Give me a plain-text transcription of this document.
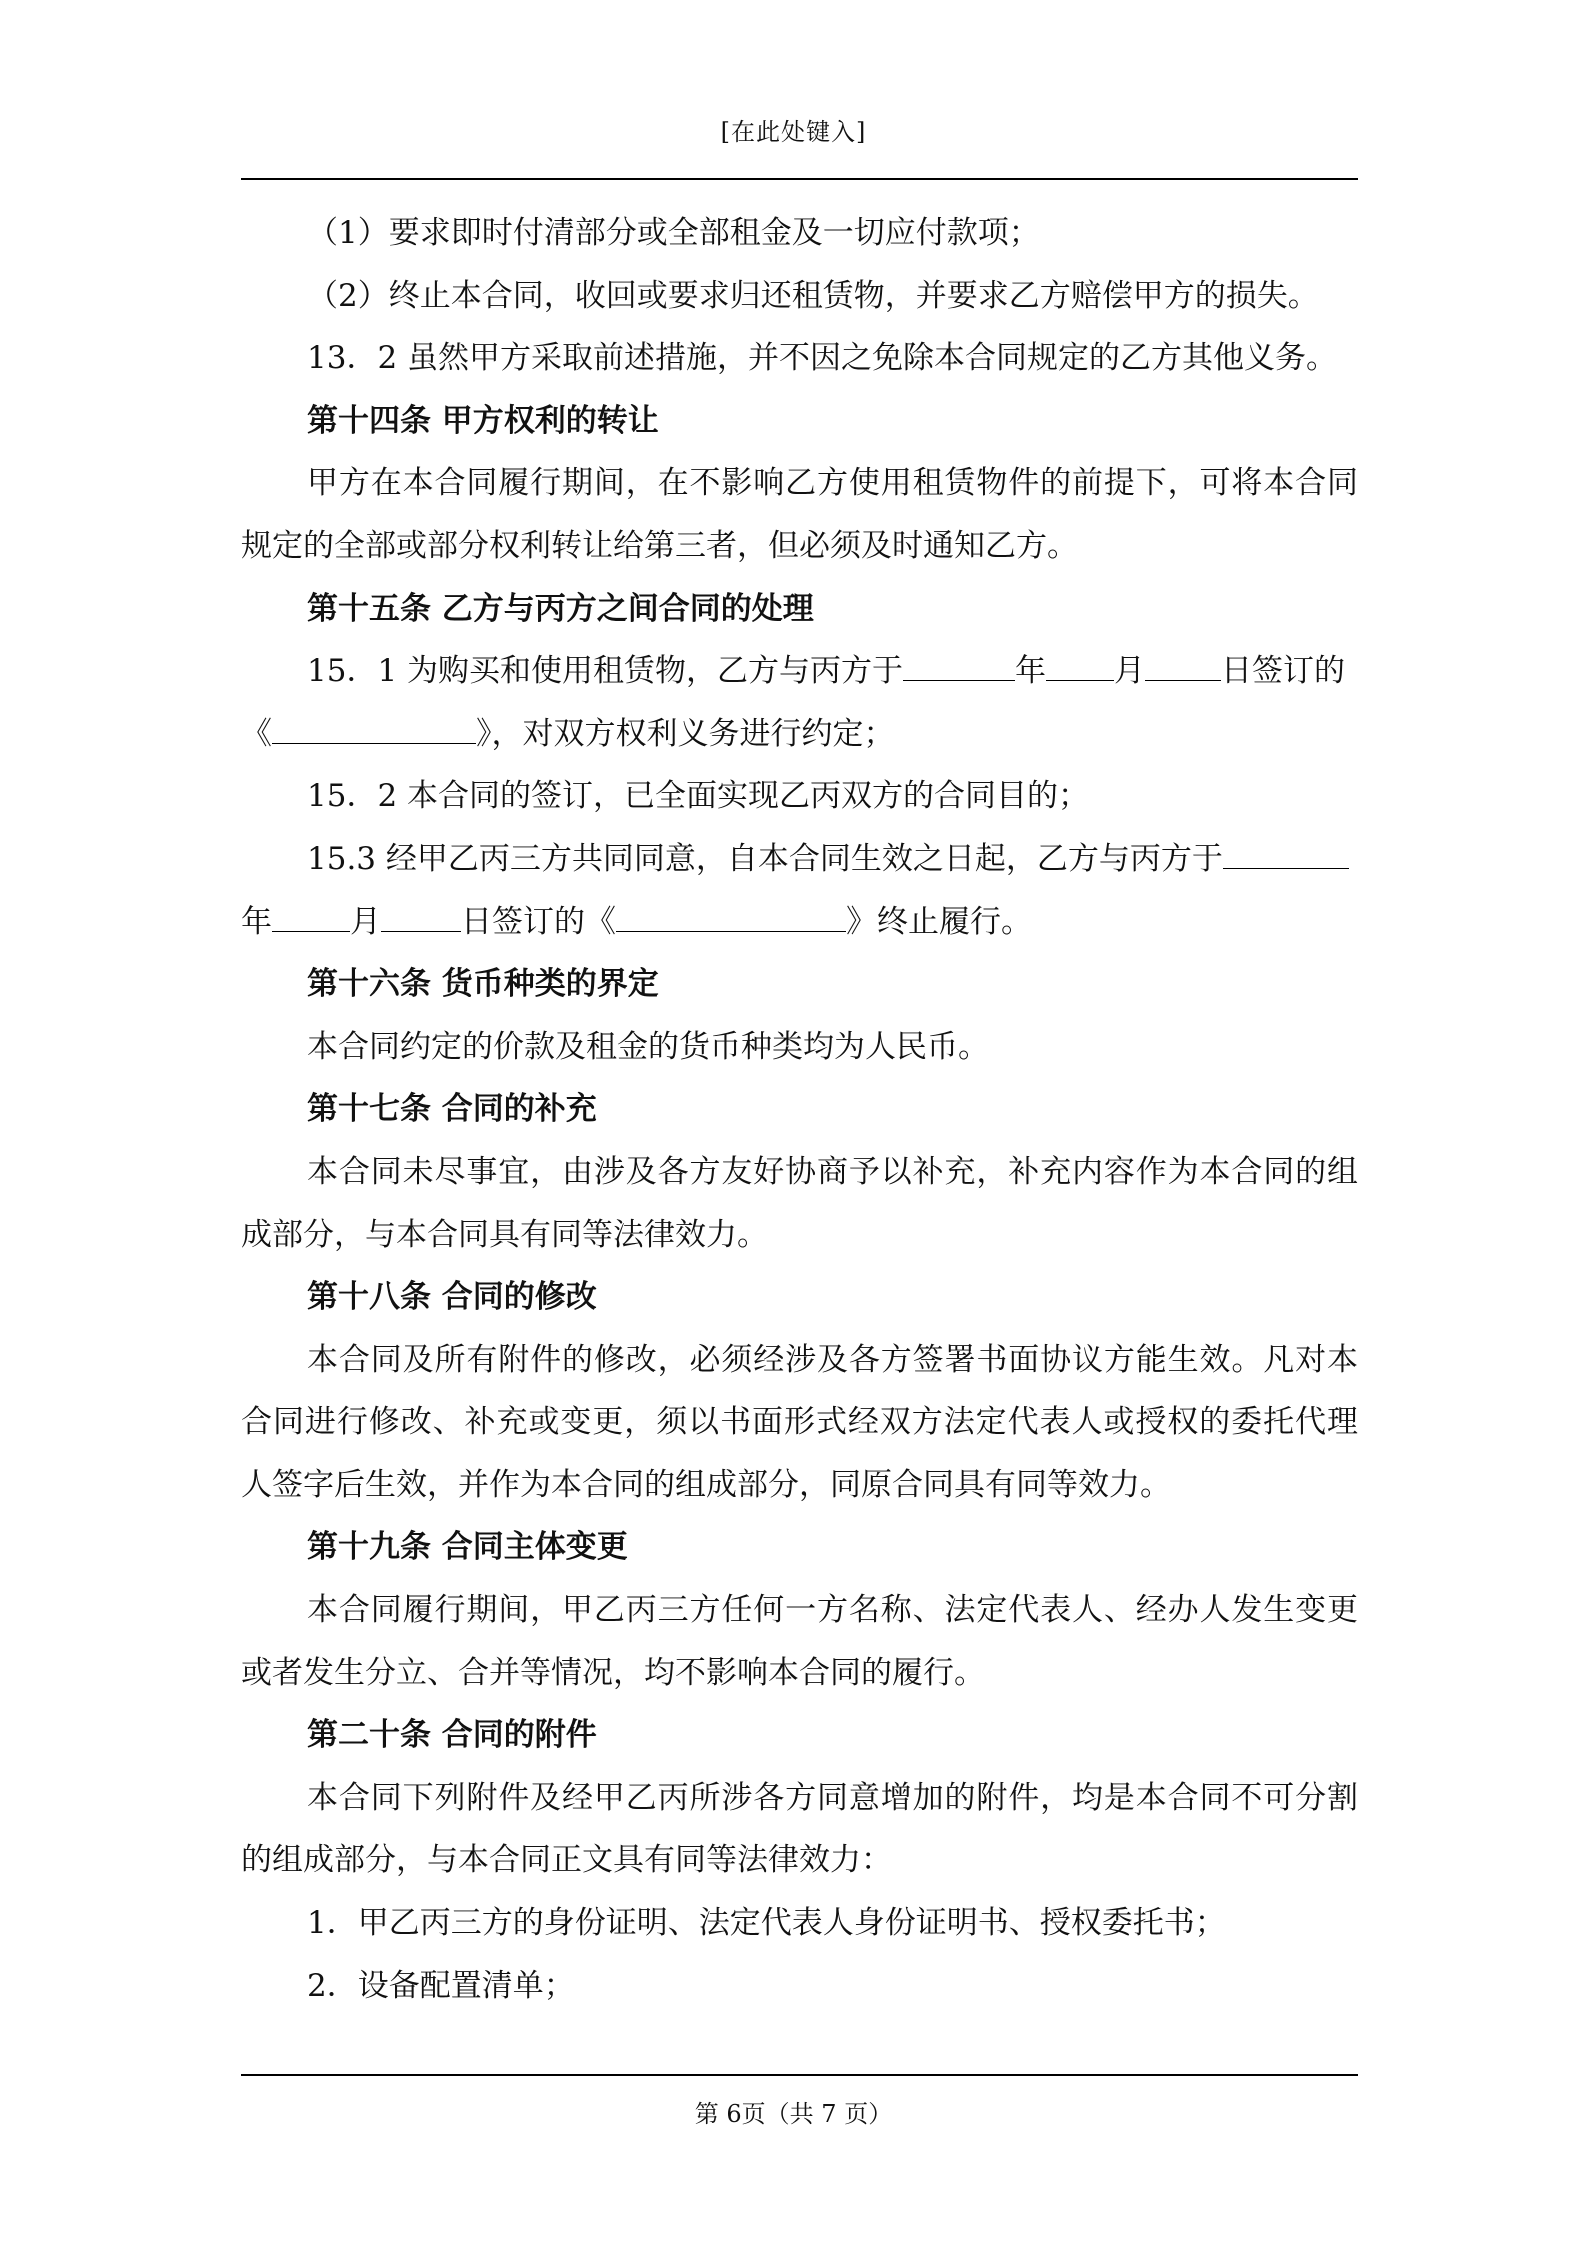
[在此处键入]
（1）要求即时付清部分或全部租金及一切应付款项；
（2）终止本合同，收回或要求归还租赁物，并要求乙方赔偿甲方的损失。
13．2 虽然甲方采取前述措施，并不因之免除本合同规定的乙方其他义务。
第十四条 甲方权利的转让
甲方在本合同履行期间，在不影响乙方使用租赁物件的前提下，可将本合同
规定的全部或部分权利转让给第三者，但必须及时通知乙方。
第十五条 乙方与丙方之间合同的处理
15．1 为购买和使用租赁物，乙方与丙方于	年 月 日签订的
《	》，对双方权利义务进行约定；
15．2 本合同的签订，已全面实现乙丙双方的合同目的；
15.3 经甲乙丙三方共同同意，自本合同生效之日起，乙方与丙方于
年	月	日签订的《	》终止履行。
第十六条 货币种类的界定
本合同约定的价款及租金的货币种类均为人民币。
第十七条 合同的补充
本合同未尽事宜，由涉及各方友好协商予以补充，补充内容作为本合同的组
成部分，与本合同具有同等法律效力。
第十八条 合同的修改
本合同及所有附件的修改，必须经涉及各方签署书面协议方能生效。凡对本
合同进行修改、补充或变更，须以书面形式经双方法定代表人或授权的委托代理
人签字后生效，并作为本合同的组成部分，同原合同具有同等效力。
第十九条 合同主体变更
本合同履行期间，甲乙丙三方任何一方名称、法定代表人、经办人发生变更
或者发生分立、合并等情况，均不影响本合同的履行。
第二十条 合同的附件
本合同下列附件及经甲乙丙所涉各方同意增加的附件，均是本合同不可分割
的组成部分，与本合同正文具有同等法律效力：
1．甲乙丙三方的身份证明、法定代表人身份证明书、授权委托书；
2．设备配置清单；
第 6页（共 7 页）
